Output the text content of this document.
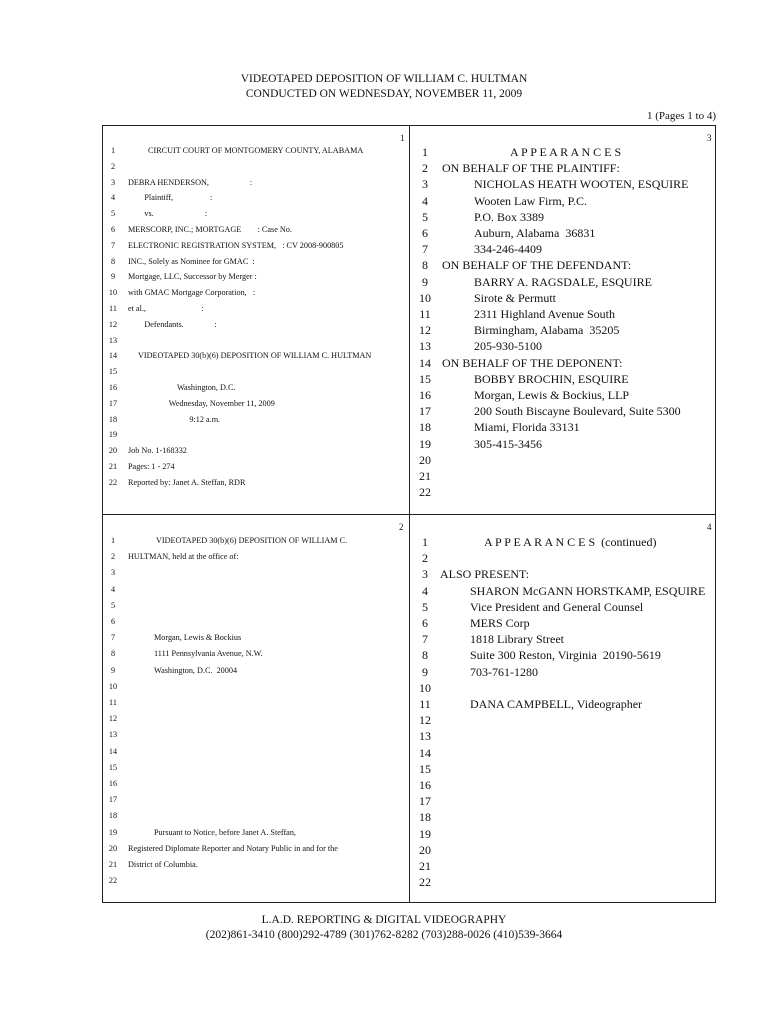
VIDEOTAPED DEPOSITION OF WILLIAM C. HULTMAN
CONDUCTED ON WEDNESDAY, NOVEMBER 11, 2009
1 (Pages 1 to 4)
1	3
2	4
1	CIRCUIT COURT OF MONTGOMERY COUNTY, ALABAMA
2
3	DEBRA HENDERSON,                    :
4	Plaintiff,                  :
5	vs.                         :
6	MERSCORP, INC.; MORTGAGE        : Case No.
7	ELECTRONIC REGISTRATION SYSTEM,   : CV 2008-900805
8	INC., Solely as Nominee for GMAC  :
9	Mortgage, LLC, Successor by Merger :
10	with GMAC Mortgage Corporation,   :
11	et al.,                           :
12	Defendants.               :
13
14	VIDEOTAPED 30(b)(6) DEPOSITION OF WILLIAM C. HULTMAN
15
16	Washington, D.C.
17	Wednesday, November 11, 2009
18	9:12 a.m.
19
20	Job No. 1-168332
21	Pages: 1 - 274
22	Reported by: Janet A. Steffan, RDR
1	A P P E A R A N C E S
2	ON BEHALF OF THE PLAINTIFF:
3	NICHOLAS HEATH WOOTEN, ESQUIRE
4	Wooten Law Firm, P.C.
5	P.O. Box 3389
6	Auburn, Alabama  36831
7	334-246-4409
8	ON BEHALF OF THE DEFENDANT:
9	BARRY A. RAGSDALE, ESQUIRE
10	Sirote & Permutt
11	2311 Highland Avenue South
12	Birmingham, Alabama  35205
13	205-930-5100
14 ON BEHALF OF THE DEPONENT:
15	BOBBY BROCHIN, ESQUIRE
16	Morgan, Lewis & Bockius, LLP
17	200 South Biscayne Boulevard, Suite 5300
18	Miami, Florida 33131
19	305-415-3456
20
21
22
1	VIDEOTAPED 30(b)(6) DEPOSITION OF WILLIAM C.
2	HULTMAN, held at the office of:
3
4
5
6
7	Morgan, Lewis & Bockius
8	1111 Pennsylvania Avenue, N.W.
9	Washington, D.C.  20004
10
11
12
13
14
15
16
17
18
19	Pursuant to Notice, before Janet A. Steffan,
20	Registered Diplomate Reporter and Notary Public in and for the
21	District of Columbia.
22
1	A P P E A R A N C E S  (continued)
2
3	ALSO PRESENT:
4	SHARON McGANN HORSTKAMP, ESQUIRE
5	Vice President and General Counsel
6	MERS Corp
7	1818 Library Street
8	Suite 300 Reston, Virginia  20190-5619
9	703-761-1280
10
11	DANA CAMPBELL, Videographer
12
13
14
15
16
17
18
19
20
21
22
L.A.D. REPORTING & DIGITAL VIDEOGRAPHY
(202)861-3410 (800)292-4789 (301)762-8282 (703)288-0026 (410)539-3664
